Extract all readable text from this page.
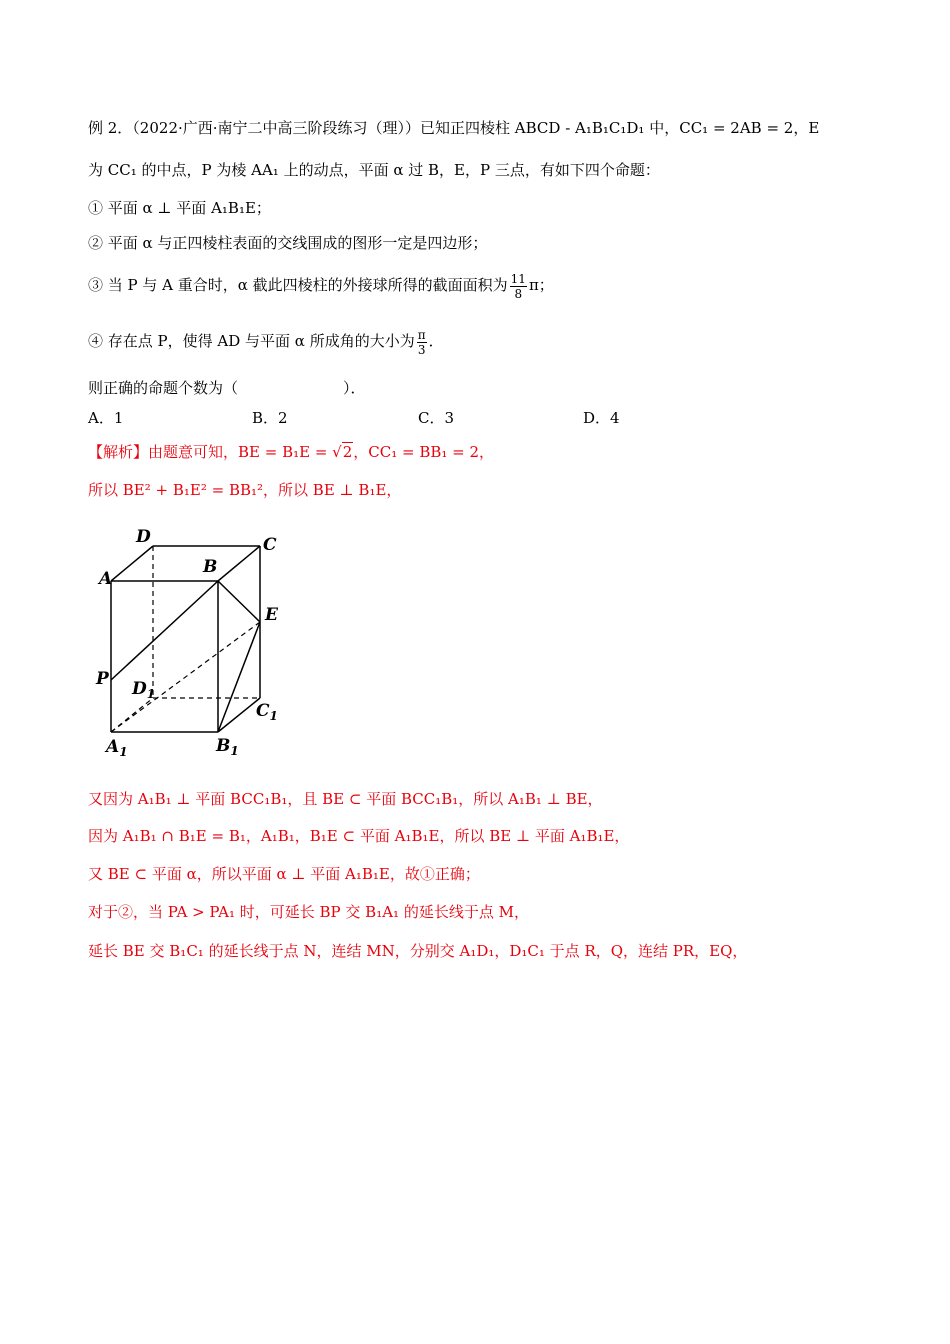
例 2．（2022·广西·南宁二中高三阶段练习（理））已知正四棱柱 ABCD - A₁B₁C₁D₁ 中，CC₁ = 2AB = 2，E
为 CC₁ 的中点，P 为棱 AA₁ 上的动点，平面 α 过 B，E，P 三点，有如下四个命题：
① 平面 α ⊥ 平面 A₁B₁E；
② 平面 α 与正四棱柱表面的交线围成的图形一定是四边形；
③ 当 P 与 A 重合时，α 截此四棱柱的外接球所得的截面面积为 $\frac{11}{8}$ π；
④ 存在点 P，使得 AD 与平面 α 所成角的大小为 $\frac{\pi}{3}$ ．
则正确的命题个数为（　　　　　　　）．
A．1	B．2	C．3	D．4
【解析】由题意可知，BE = B₁E = √2，CC₁ = BB₁ = 2，
所以 BE² + B₁E² = BB₁²，所以 BE ⊥ B₁E，
D	C
A
B
E
P $D_1$
$C_1$
$A_1$	$B_1$
又因为 A₁B₁ ⊥ 平面 BCC₁B₁，且 BE ⊂ 平面 BCC₁B₁，所以 A₁B₁ ⊥ BE，
因为 A₁B₁ ∩ B₁E = B₁，A₁B₁，B₁E ⊂ 平面 A₁B₁E，所以 BE ⊥ 平面 A₁B₁E，
又 BE ⊂ 平面 α，所以平面 α ⊥ 平面 A₁B₁E，故①正确；
对于②，当 PA > PA₁ 时，可延长 BP 交 B₁A₁ 的延长线于点 M，
延长 BE 交 B₁C₁ 的延长线于点 N，连结 MN，分别交 A₁D₁，D₁C₁ 于点 R，Q，连结 PR，EQ，
